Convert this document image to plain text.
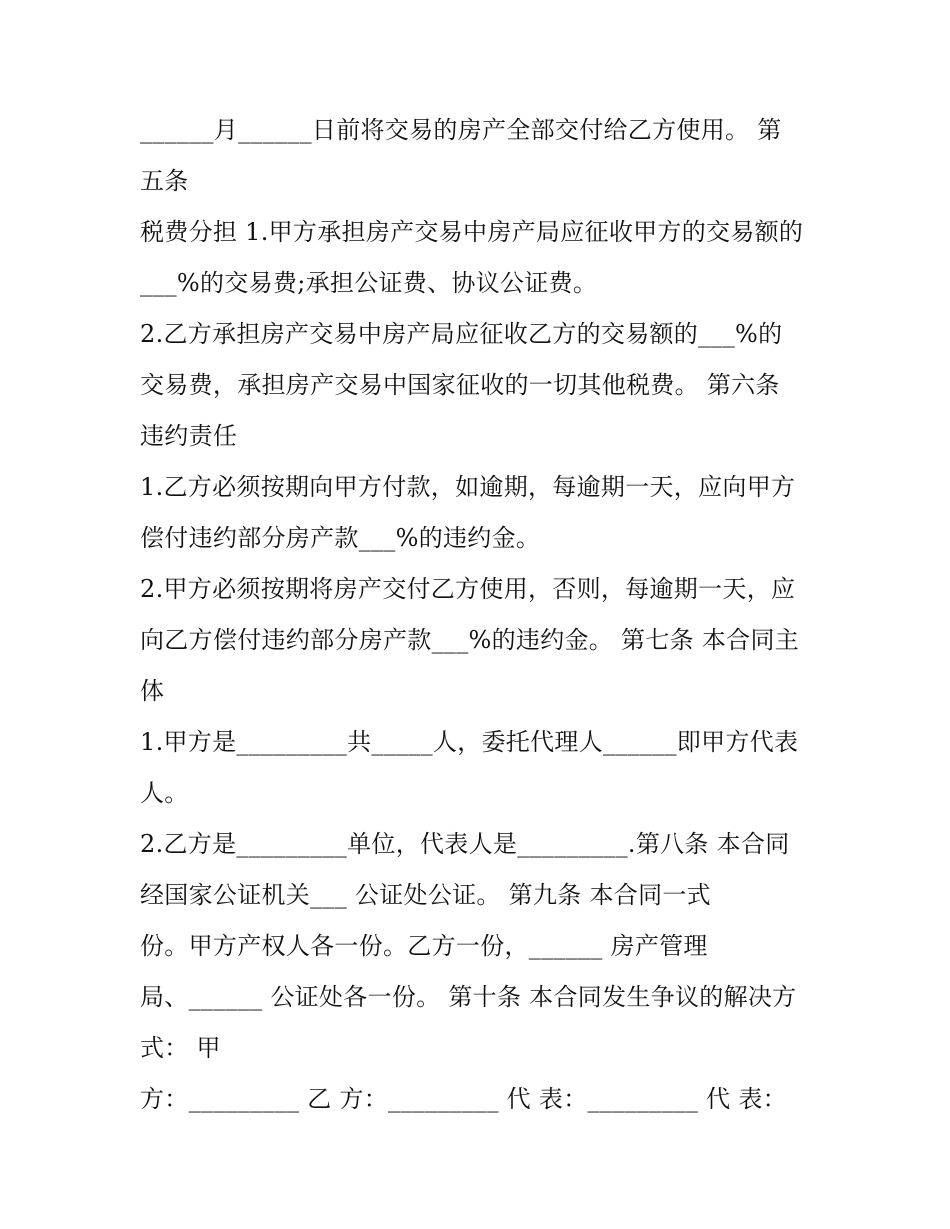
______月______日前将交易的房产全部交付给乙方使用。 第
五条
税费分担 1.甲方承担房产交易中房产局应征收甲方的交易额的
___%的交易费;承担公证费、协议公证费。
2.乙方承担房产交易中房产局应征收乙方的交易额的___%的
交易费，承担房产交易中国家征收的一切其他税费。 第六条
违约责任
1.乙方必须按期向甲方付款，如逾期，每逾期一天，应向甲方
偿付违约部分房产款___%的违约金。
2.甲方必须按期将房产交付乙方使用，否则，每逾期一天，应
向乙方偿付违约部分房产款___%的违约金。 第七条 本合同主
体
1.甲方是_________共_____人，委托代理人______即甲方代表
人。
2.乙方是_________单位，代表人是_________.第八条 本合同
经国家公证机关___ 公证处公证。 第九条 本合同一式
份。甲方产权人各一份。乙方一份，______ 房产管理
局、______ 公证处各一份。 第十条 本合同发生争议的解决方
式： 甲
方：_________ 乙 方：_________ 代 表：_________ 代 表：
